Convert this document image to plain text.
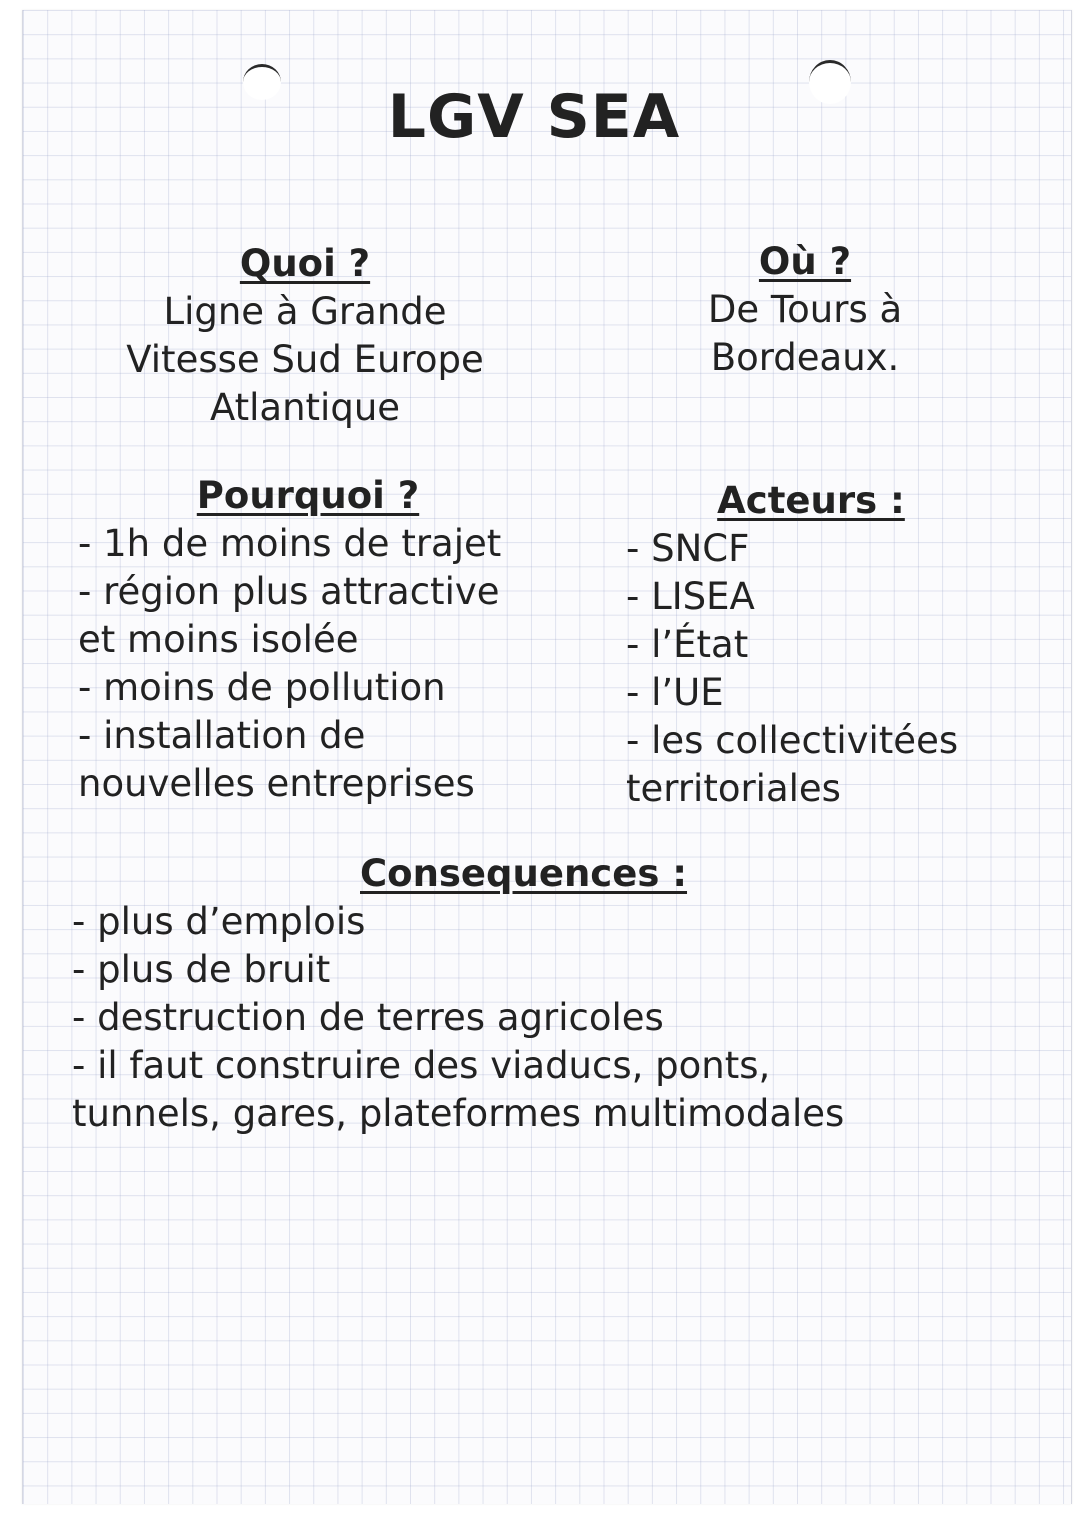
LGV SEA
Quoi ?
Ligne à Grande
Vitesse Sud Europe
Atlantique
Où ?
De Tours à
Bordeaux.
Pourquoi ?
- 1h de moins de trajet
- région plus attractive
et moins isolée
- moins de pollution
- installation de
nouvelles entreprises
Acteurs :
- SNCF
- LISEA
- l’État
- l’UE
- les collectivitées
territoriales
Consequences :
- plus d’emplois
- plus de bruit
- destruction de terres agricoles
- il faut construire des viaducs, ponts,
tunnels, gares, plateformes multimodales
